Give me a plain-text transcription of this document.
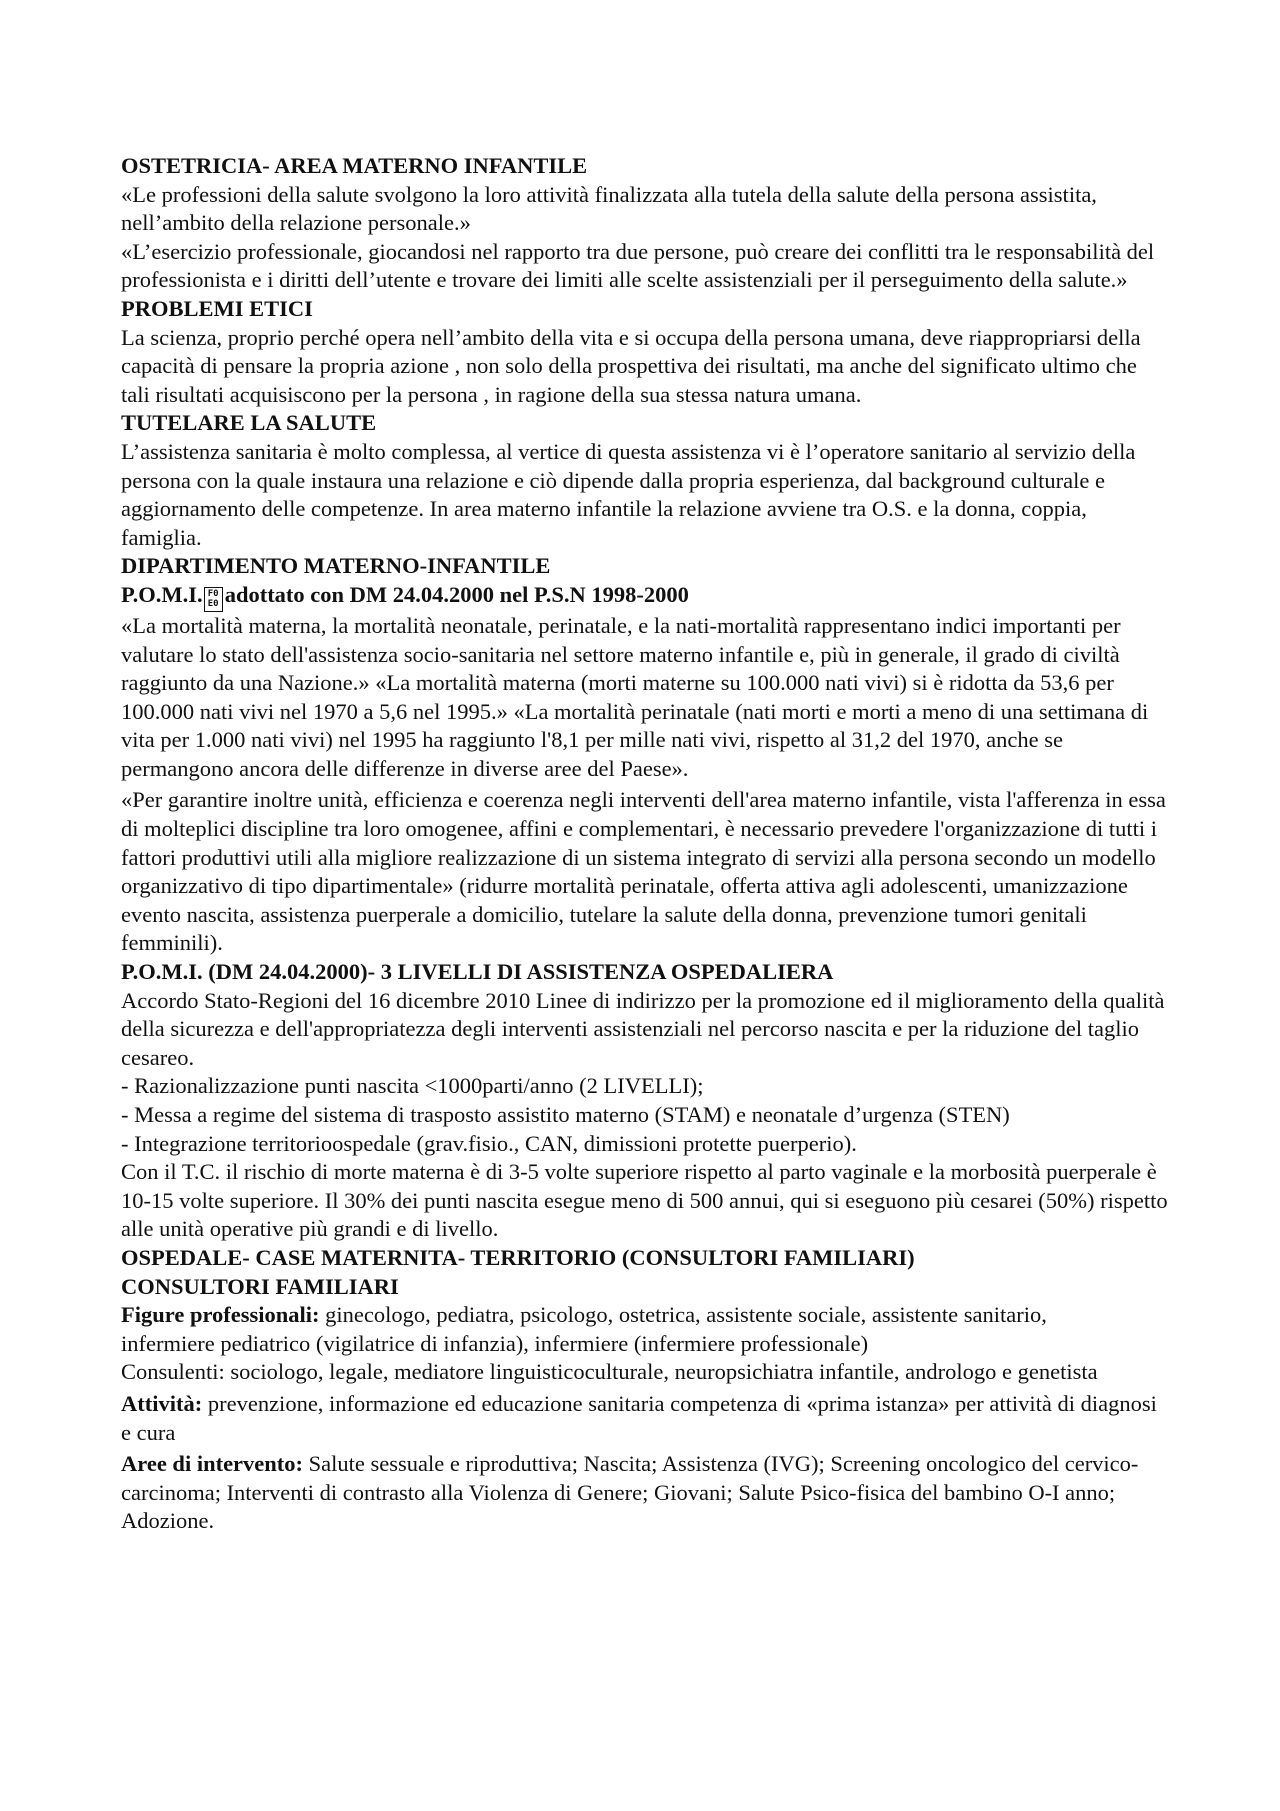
OSTETRICIA- AREA MATERNO INFANTILE

«Le professioni della salute svolgono la loro attività finalizzata alla tutela della salute della persona assistita, nell’ambito della relazione personale.»

«L’esercizio professionale, giocandosi nel rapporto tra due persone, può creare dei conflitti tra le responsabilità del professionista e i diritti dell’utente e trovare dei limiti alle scelte assistenziali per il perseguimento della salute.»

PROBLEMI ETICI

La scienza, proprio perché opera nell’ambito della vita e si occupa della persona umana, deve riappropriarsi della capacità di pensare la propria azione , non solo della prospettiva dei risultati, ma anche del significato ultimo che tali risultati acquisiscono per la persona , in ragione della sua stessa natura umana.

TUTELARE LA SALUTE

L’assistenza sanitaria è molto complessa, al vertice di questa assistenza vi è l’operatore sanitario al servizio della persona con la quale instaura una relazione e ciò dipende dalla propria esperienza, dal background culturale e aggiornamento delle competenze. In area materno infantile la relazione avviene tra O.S. e la donna, coppia, famiglia.

DIPARTIMENTO MATERNO-INFANTILE

P.O.M.I. F0
E0 adottato con DM 24.04.2000 nel P.S.N 1998-2000

«La mortalità materna, la mortalità neonatale, perinatale, e la nati-mortalità rappresentano indici importanti per valutare lo stato dell'assistenza socio-sanitaria nel settore materno infantile e, più in generale, il grado di civiltà raggiunto da una Nazione.» «La mortalità materna (morti materne su 100.000 nati vivi) si è ridotta da 53,6 per 100.000 nati vivi nel 1970 a 5,6 nel 1995.» «La mortalità perinatale (nati morti e morti a meno di una settimana di vita per 1.000 nati vivi) nel 1995 ha raggiunto l'8,1 per mille nati vivi, rispetto al 31,2 del 1970, anche se permangono ancora delle differenze in diverse aree del Paese».

«Per garantire inoltre unità, efficienza e coerenza negli interventi dell'area materno infantile, vista l'afferenza in essa di molteplici discipline tra loro omogenee, affini e complementari, è necessario prevedere l'organizzazione di tutti i fattori produttivi utili alla migliore realizzazione di un sistema integrato di servizi alla persona secondo un modello organizzativo di tipo dipartimentale» (ridurre mortalità perinatale, offerta attiva agli adolescenti, umanizzazione evento nascita, assistenza puerperale a domicilio, tutelare la salute della donna, prevenzione tumori genitali femminili).

P.O.M.I. (DM 24.04.2000)- 3 LIVELLI DI ASSISTENZA OSPEDALIERA

Accordo Stato-Regioni del 16 dicembre 2010 Linee di indirizzo per la promozione ed il miglioramento della qualità della sicurezza e dell'appropriatezza degli interventi assistenziali nel percorso nascita e per la riduzione del taglio cesareo.

- Razionalizzazione punti nascita <1000parti/anno (2 LIVELLI);

- Messa a regime del sistema di trasposto assistito materno (STAM) e neonatale d’urgenza (STEN)

- Integrazione territorioospedale (grav.fisio., CAN, dimissioni protette puerperio).

Con il T.C. il rischio di morte materna è di 3-5 volte superiore rispetto al parto vaginale e la morbosità puerperale è 10-15 volte superiore. Il 30% dei punti nascita esegue meno di 500 annui, qui si eseguono più cesarei (50%) rispetto alle unità operative più grandi e di livello.

OSPEDALE- CASE MATERNITA- TERRITORIO (CONSULTORI FAMILIARI)

CONSULTORI FAMILIARI

Figure professionali: ginecologo, pediatra, psicologo, ostetrica, assistente sociale, assistente sanitario,

infermiere pediatrico (vigilatrice di infanzia), infermiere (infermiere professionale)

Consulenti: sociologo, legale, mediatore linguisticoculturale, neuropsichiatra infantile, andrologo e genetista

Attività: prevenzione, informazione ed educazione sanitaria competenza di «prima istanza» per attività di diagnosi e cura

Aree di intervento: Salute sessuale e riproduttiva; Nascita; Assistenza (IVG); Screening oncologico del cervico-carcinoma; Interventi di contrasto alla Violenza di Genere; Giovani; Salute Psico-fisica del bambino O-I anno; Adozione.
